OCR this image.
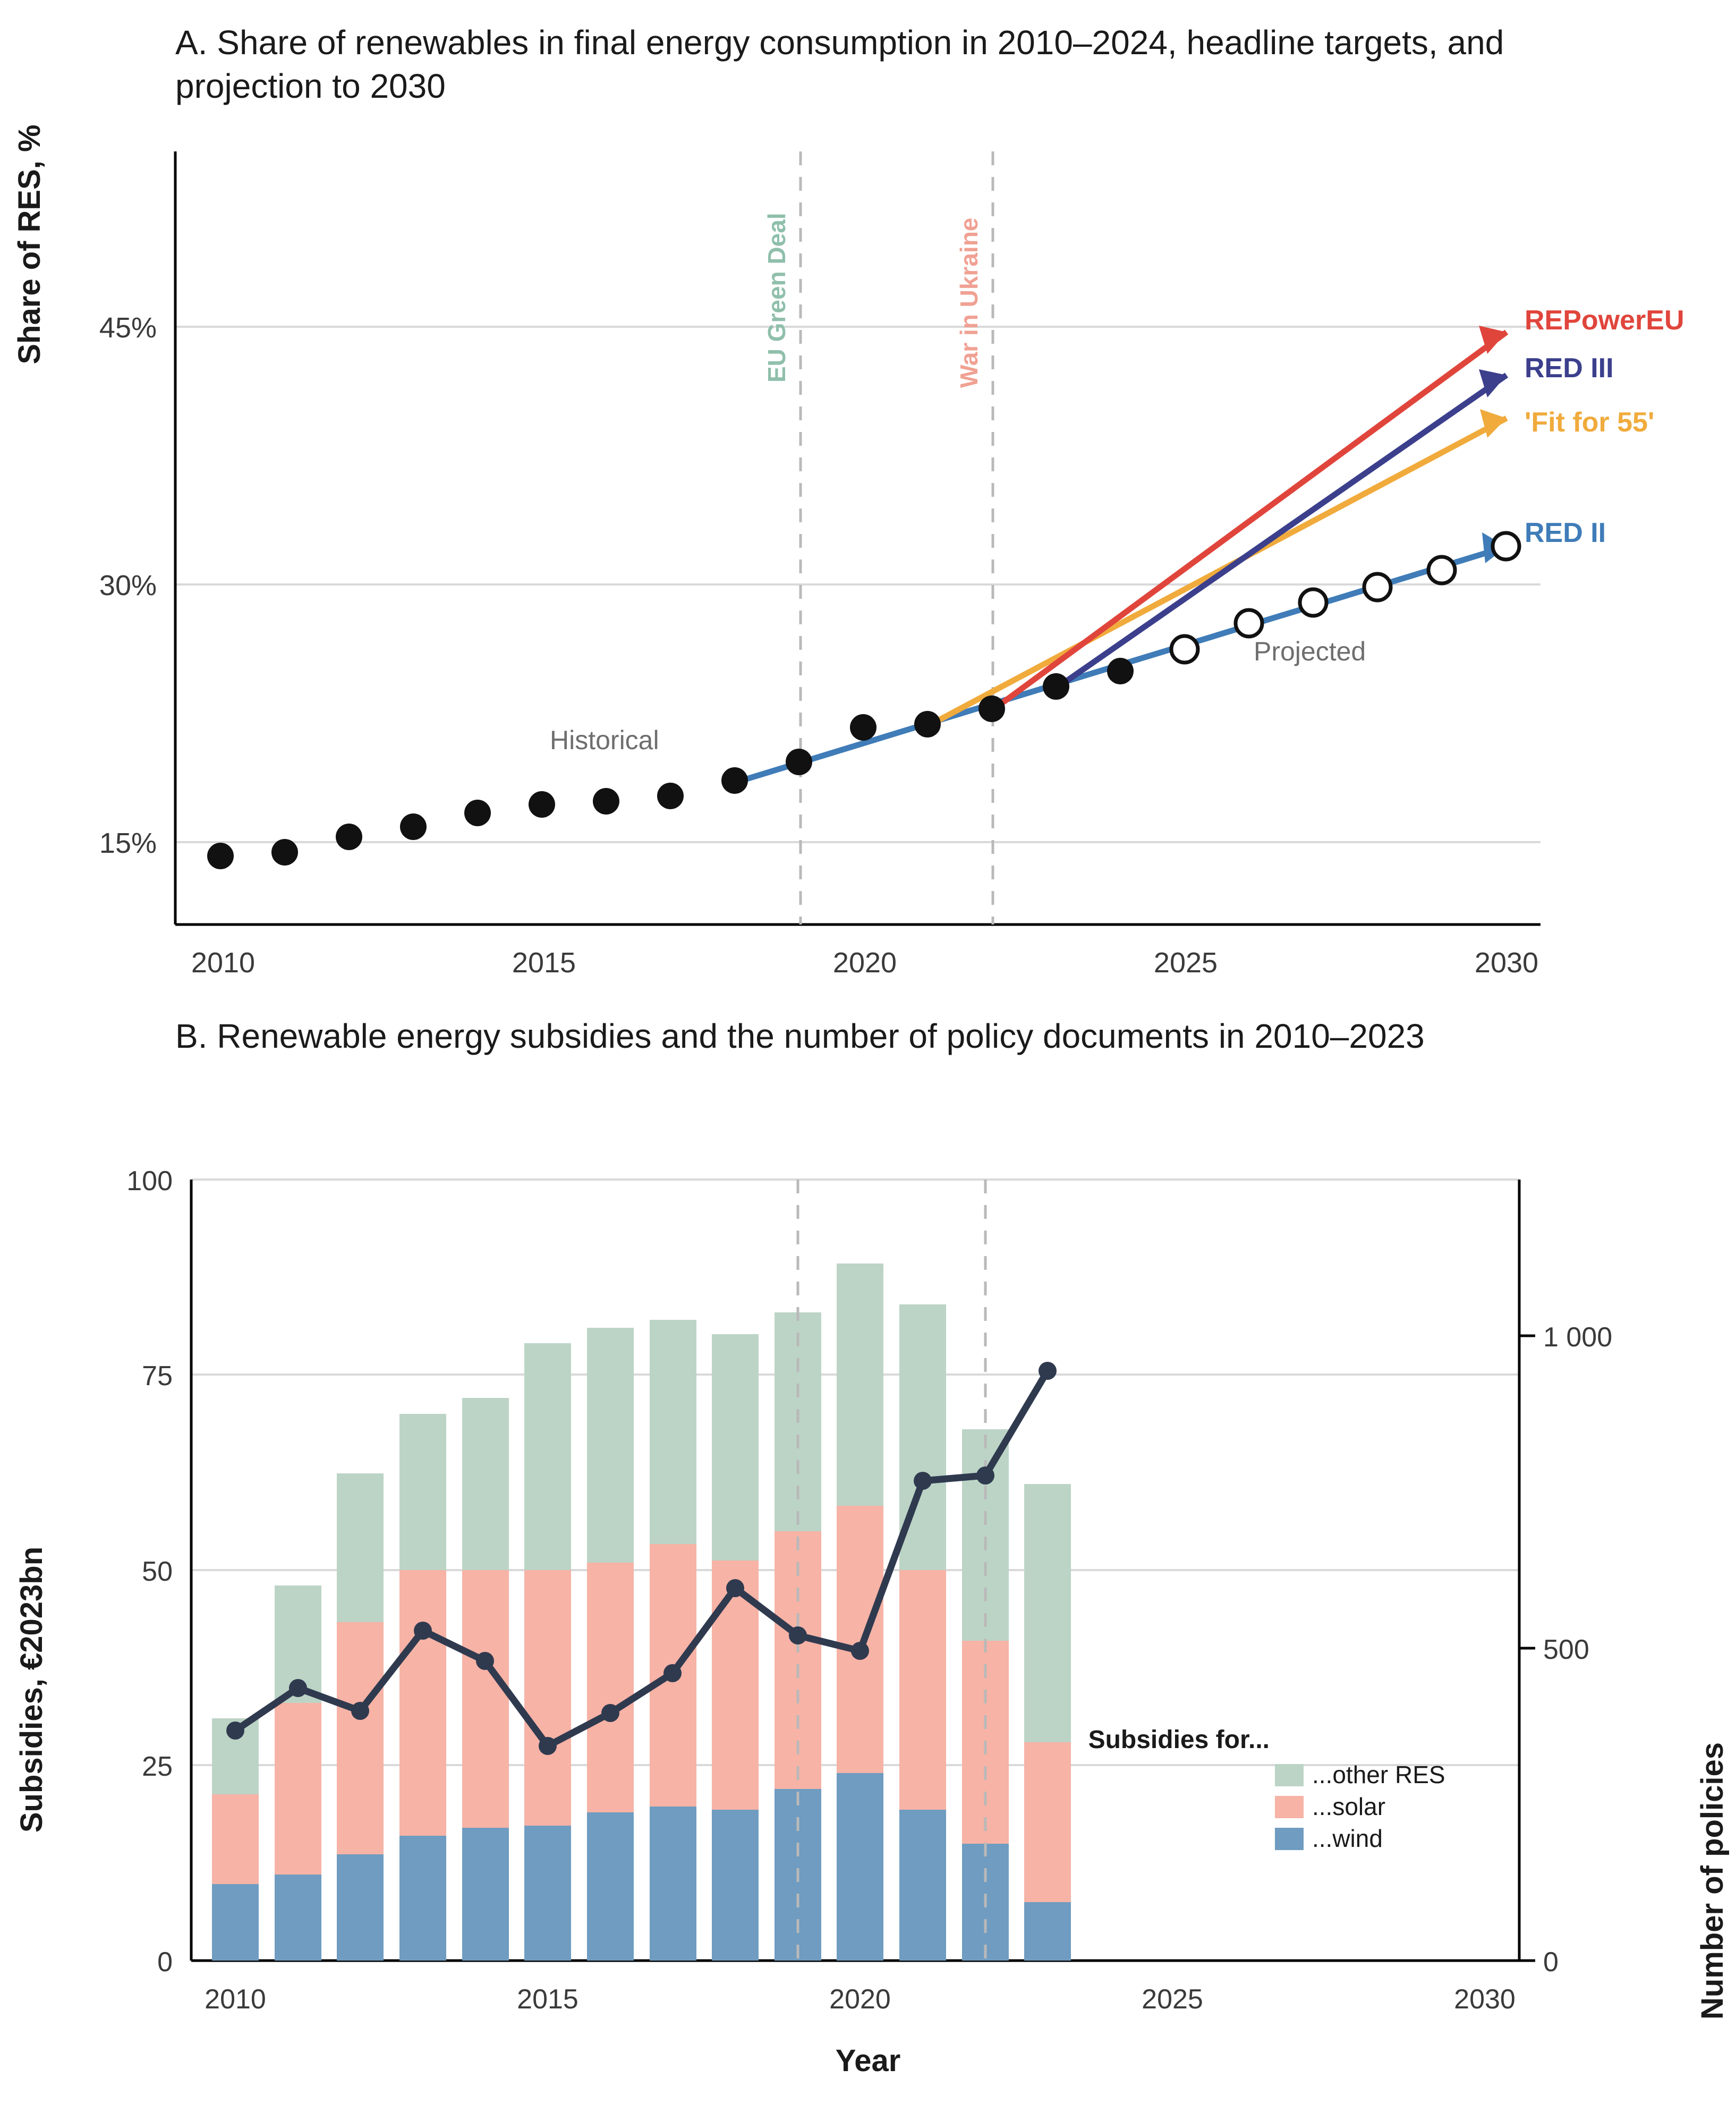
A. Share of renewables in final energy consumption in 2010–2024, headline targets, and projection to 2030
Share of RES, %
15%
30%
45%
2010	2015	2020	2025	2030
EU Green Deal	War in Ukraine
Historical
Projected
REPowerEU
RED III
'Fit for 55'
RED II
B. Renewable energy subsidies and the number of policy documents in 2010–2023
0
25
50
75
100
0
500
1 000
2010	2015	2020	2025	2030
Subsidies for...
...other RES
...solar
...wind
Subsidies, €2023bn
Number of policies
Year
